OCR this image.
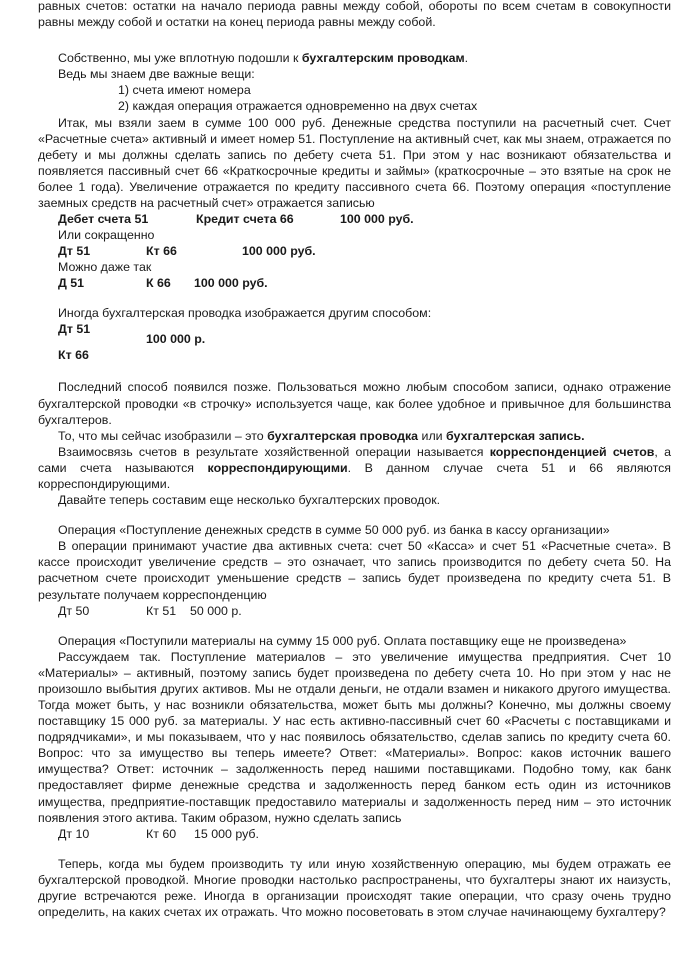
равных счетов: остатки на начало периода равны между собой, обороты по всем счетам в совокупности равны между собой и остатки на конец периода равны между собой.

Собственно, мы уже вплотную подошли к бухгалтерским проводкам.

Ведь мы знаем две важные вещи:

1) счета имеют номера

2) каждая операция отражается одновременно на двух счетах

Итак, мы взяли заем в сумме 100 000 руб. Денежные средства поступили на расчетный счет. Счет «Расчетные счета» активный и имеет номер 51. Поступление на активный счет, как мы знаем, отражается по дебету и мы должны сделать запись по дебету счета 51. При этом у нас возникают обязательства и появляется пассивный счет 66 «Краткосрочные кредиты и займы» (краткосрочные – это взятые на срок не более 1 года). Увеличение отражается по кредиту пассивного счета 66. Поэтому операция «поступление заемных средств на расчетный счет» отражается записью

Дебет счета 51	Кредит счета 66	100 000 руб.

Или сокращенно

Дт 51	Кт 66	100 000 руб.

Можно даже так

Д 51	К 66 100 000 руб.

Иногда бухгалтерская проводка изображается другим способом:

Дт 51
100 000 р.
Кт 66

Последний способ появился позже. Пользоваться можно любым способом записи, однако отражение бухгалтерской проводки «в строчку» используется чаще, как более удобное и привычное для большинства бухгалтеров.

То, что мы сейчас изобразили – это бухгалтерская проводка или бухгалтерская запись.

Взаимосвязь счетов в результате хозяйственной операции называется корреспонденцией счетов, а сами счета называются корреспондирующими. В данном случае счета 51 и 66 являются корреспондирующими.

Давайте теперь составим еще несколько бухгалтерских проводок.

Операция «Поступление денежных средств в сумме 50 000 руб. из банка в кассу организации»

В операции принимают участие два активных счета: счет 50 «Касса» и счет 51 «Расчетные счета». В кассе происходит увеличение средств – это означает, что запись производится по дебету счета 50. На расчетном счете происходит уменьшение средств – запись будет произведена по кредиту счета 51. В результате получаем корреспонденцию

Дт 50	Кт 51 50 000 р.

Операция «Поступили материалы на сумму 15 000 руб. Оплата поставщику еще не произведена»

Рассуждаем так. Поступление материалов – это увеличение имущества предприятия. Счет 10 «Материалы» – активный, поэтому запись будет произведена по дебету счета 10. Но при этом у нас не произошло выбытия других активов. Мы не отдали деньги, не отдали взамен и никакого другого имущества. Тогда может быть, у нас возникли обязательства, может быть мы должны? Конечно, мы должны своему поставщику 15 000 руб. за материалы. У нас есть активно-пассивный счет 60 «Расчеты с поставщиками и подрядчиками», и мы показываем, что у нас появилось обязательство, сделав запись по кредиту счета 60. Вопрос: что за имущество вы теперь имеете? Ответ: «Материалы». Вопрос: каков источник вашего имущества? Ответ: источник – задолженность перед нашими поставщиками. Подобно тому, как банк предоставляет фирме денежные средства и задолженность перед банком есть один из источников имущества, предприятие-поставщик предоставило материалы и задолженность перед ним – это источник появления этого актива. Таким образом, нужно сделать запись

Дт 10	Кт 60 15 000 руб.

Теперь, когда мы будем производить ту или иную хозяйственную операцию, мы будем отражать ее бухгалтерской проводкой. Многие проводки настолько распространены, что бухгалтеры знают их наизусть, другие встречаются реже. Иногда в организации происходят такие операции, что сразу очень трудно определить, на каких счетах их отражать. Что можно посоветовать в этом случае начинающему бухгалтеру?
